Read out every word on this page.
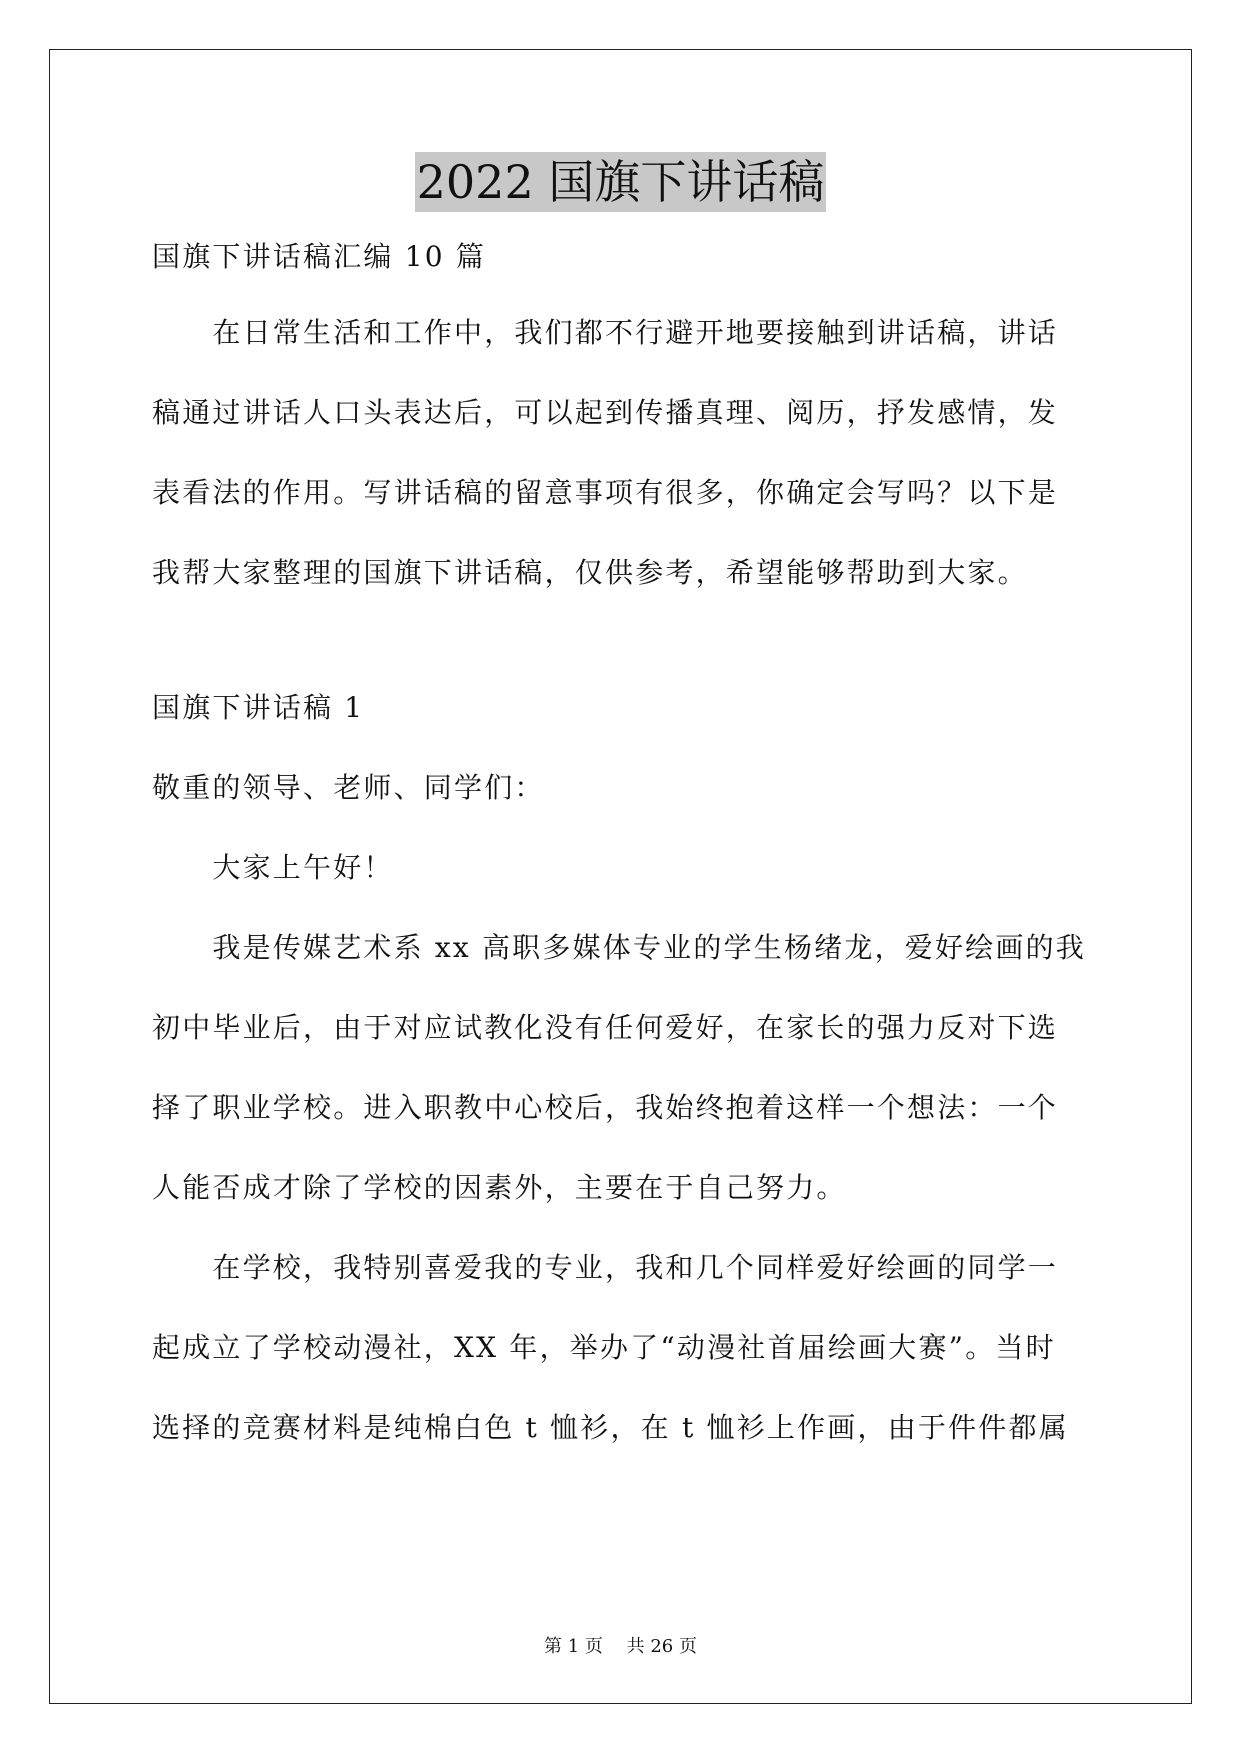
2022 国旗下讲话稿
国旗下讲话稿汇编 10 篇
　　在日常生活和工作中，我们都不行避开地要接触到讲话稿，讲话
稿通过讲话人口头表达后，可以起到传播真理、阅历，抒发感情，发
表看法的作用。写讲话稿的留意事项有很多，你确定会写吗？以下是
我帮大家整理的国旗下讲话稿，仅供参考，希望能够帮助到大家。
国旗下讲话稿 1
敬重的领导、老师、同学们：
　　大家上午好！
　　我是传媒艺术系 xx 高职多媒体专业的学生杨绪龙，爱好绘画的我
初中毕业后，由于对应试教化没有任何爱好，在家长的强力反对下选
择了职业学校。进入职教中心校后，我始终抱着这样一个想法：一个
人能否成才除了学校的因素外，主要在于自己努力。
　　在学校，我特别喜爱我的专业，我和几个同样爱好绘画的同学一
起成立了学校动漫社，XX 年，举办了“动漫社首届绘画大赛”。当时
选择的竞赛材料是纯棉白色 t 恤衫，在 t 恤衫上作画，由于件件都属
第 1 页　 共 26 页
